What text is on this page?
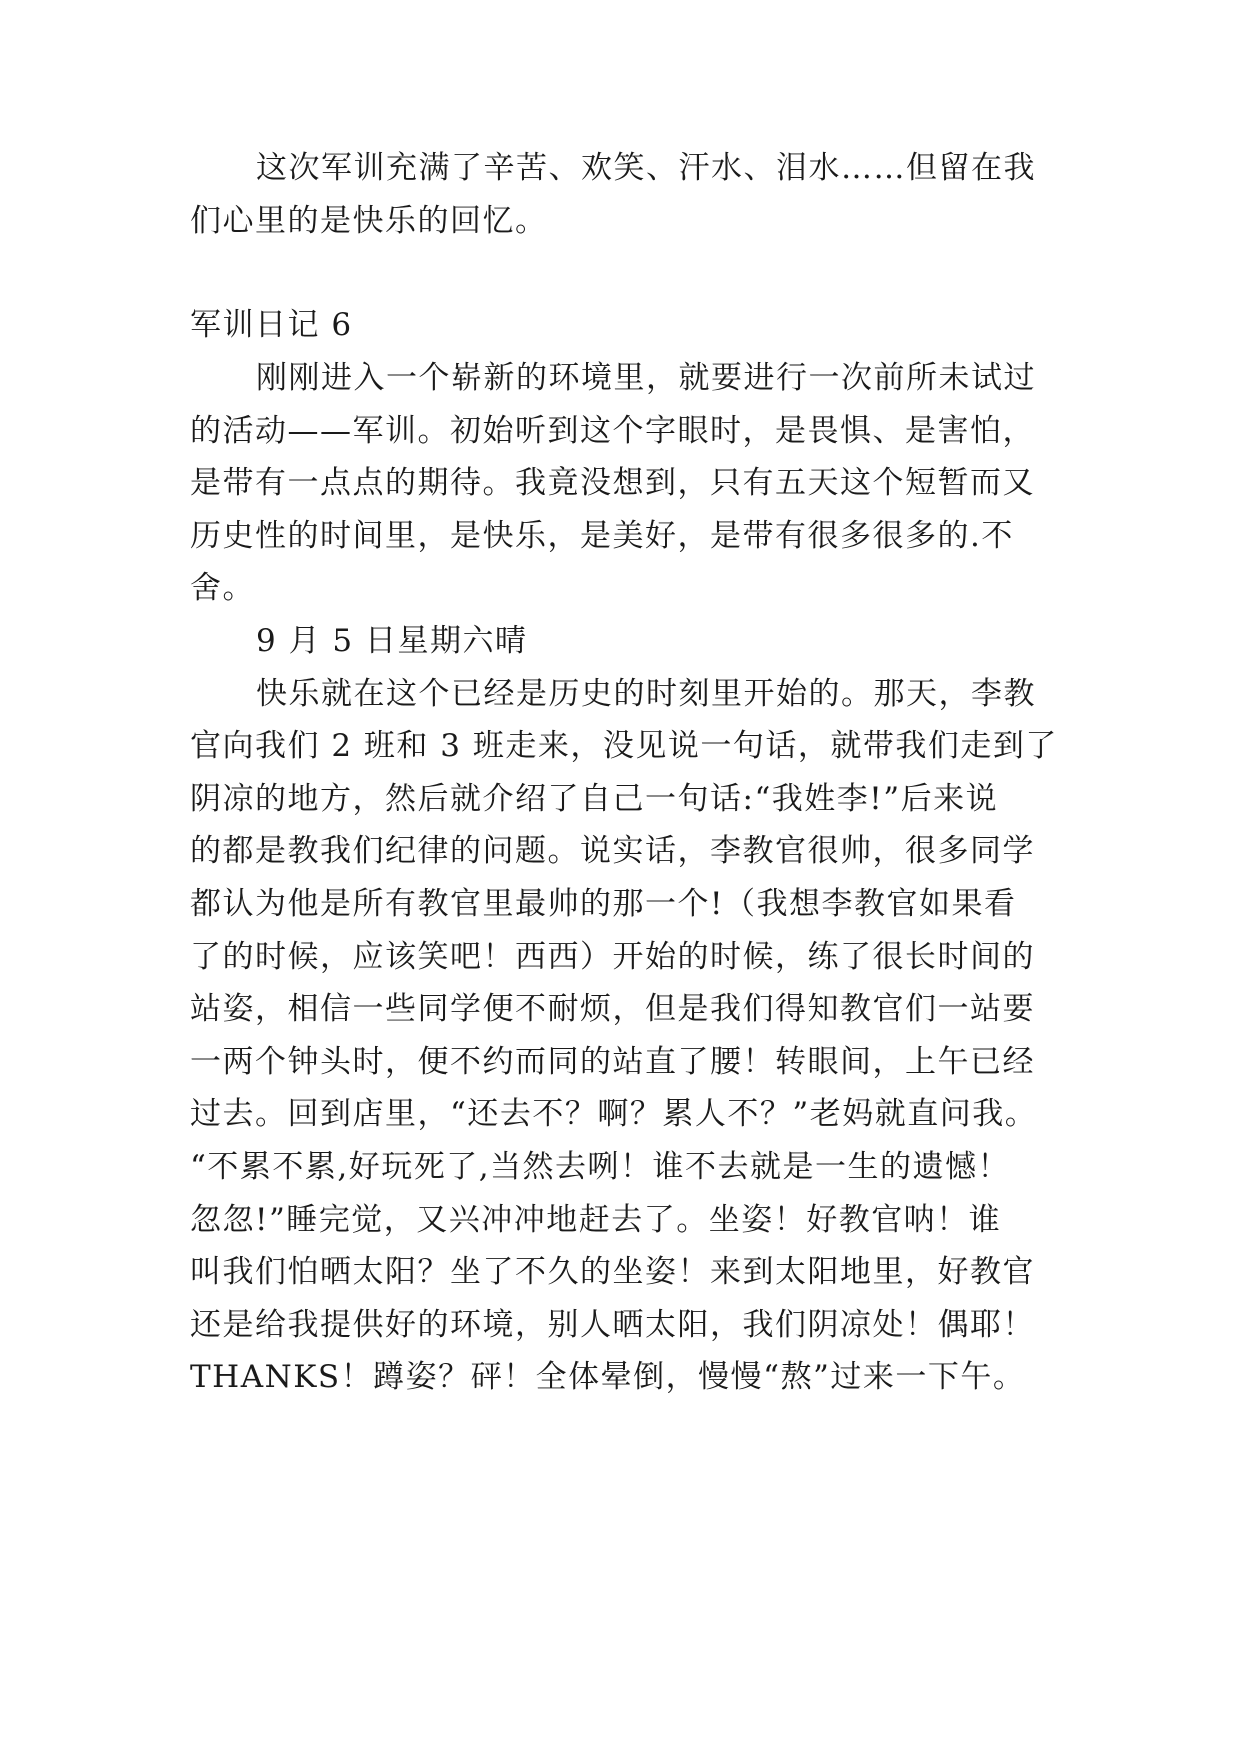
这次军训充满了辛苦、欢笑、汗水、泪水……但留在我
们心里的是快乐的回忆。
军训日记 6
刚刚进入一个崭新的环境里，就要进行一次前所未试过
的活动——军训。初始听到这个字眼时，是畏惧、是害怕，
是带有一点点的期待。我竟没想到，只有五天这个短暂而又
历史性的时间里，是快乐，是美好，是带有很多很多的.不
舍。
9 月 5 日星期六晴
快乐就在这个已经是历史的时刻里开始的。那天，李教
官向我们 2 班和 3 班走来，没见说一句话，就带我们走到了
阴凉的地方，然后就介绍了自己一句话:“我姓李!”后来说
的都是教我们纪律的问题。说实话，李教官很帅，很多同学
都认为他是所有教官里最帅的那一个!（我想李教官如果看
了的时候，应该笑吧！西西）开始的时候，练了很长时间的
站姿，相信一些同学便不耐烦，但是我们得知教官们一站要
一两个钟头时，便不约而同的站直了腰！转眼间，上午已经
过去。回到店里，“还去不？啊？累人不？”老妈就直问我。
“不累不累,好玩死了,当然去咧！谁不去就是一生的遗憾！
忽忽!”睡完觉，又兴冲冲地赶去了。坐姿！好教官呐！谁
叫我们怕晒太阳？坐了不久的坐姿！来到太阳地里，好教官
还是给我提供好的环境，别人晒太阳，我们阴凉处！偶耶！
THANKS！蹲姿？砰！全体晕倒，慢慢“熬”过来一下午。
